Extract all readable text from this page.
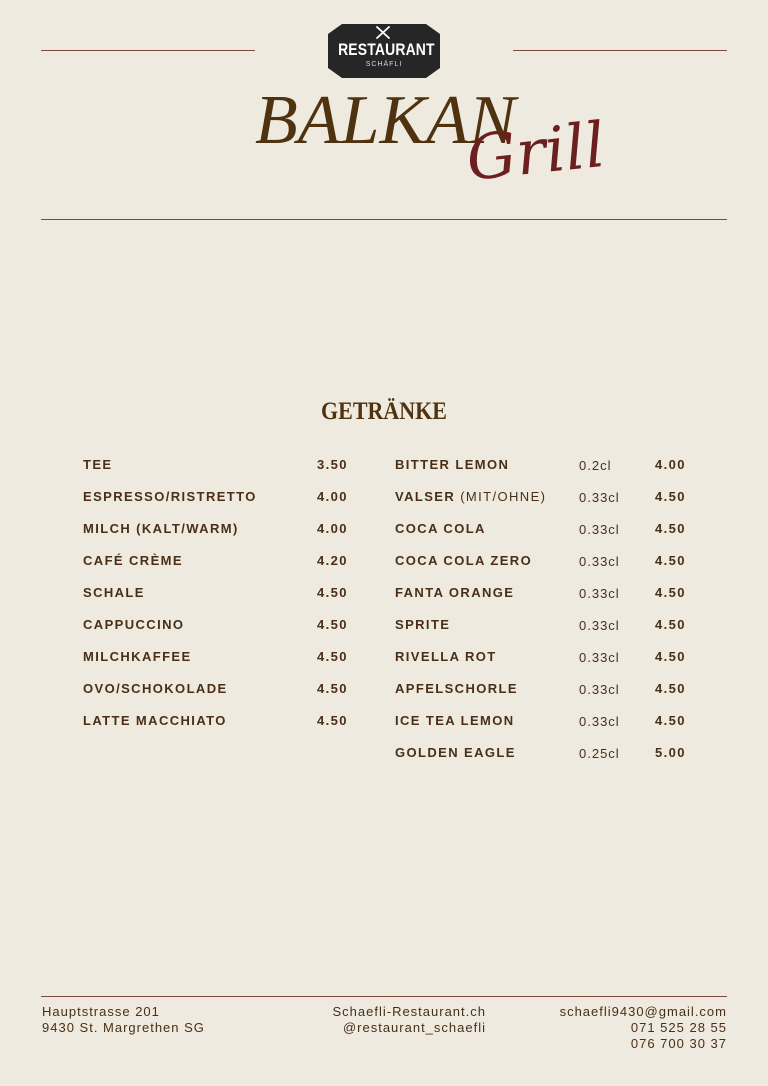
RESTAURANT
SCHÄFLI
BALKAN
Grill
GETRÄNKE
TEE	3.50
ESPRESSO/RISTRETTO	4.00
MILCH (KALT/WARM)	4.00
CAFÉ CRÈME	4.20
SCHALE	4.50
CAPPUCCINO	4.50
MILCHKAFFEE	4.50
OVO/SCHOKOLADE	4.50
LATTE MACCHIATO	4.50
BITTER LEMON	0.2cl	4.00
VALSER (MIT/OHNE)	0.33cl	4.50
COCA COLA	0.33cl	4.50
COCA COLA ZERO	0.33cl	4.50
FANTA ORANGE	0.33cl	4.50
SPRITE	0.33cl	4.50
RIVELLA ROT	0.33cl	4.50
APFELSCHORLE	0.33cl	4.50
ICE TEA LEMON	0.33cl	4.50
GOLDEN EAGLE	0.25cl	5.00
Hauptstrasse 201
9430 St. Margrethen SG
Schaefli-Restaurant.ch
@restaurant_schaefli
schaefli9430@gmail.com
071 525 28 55
076 700 30 37
